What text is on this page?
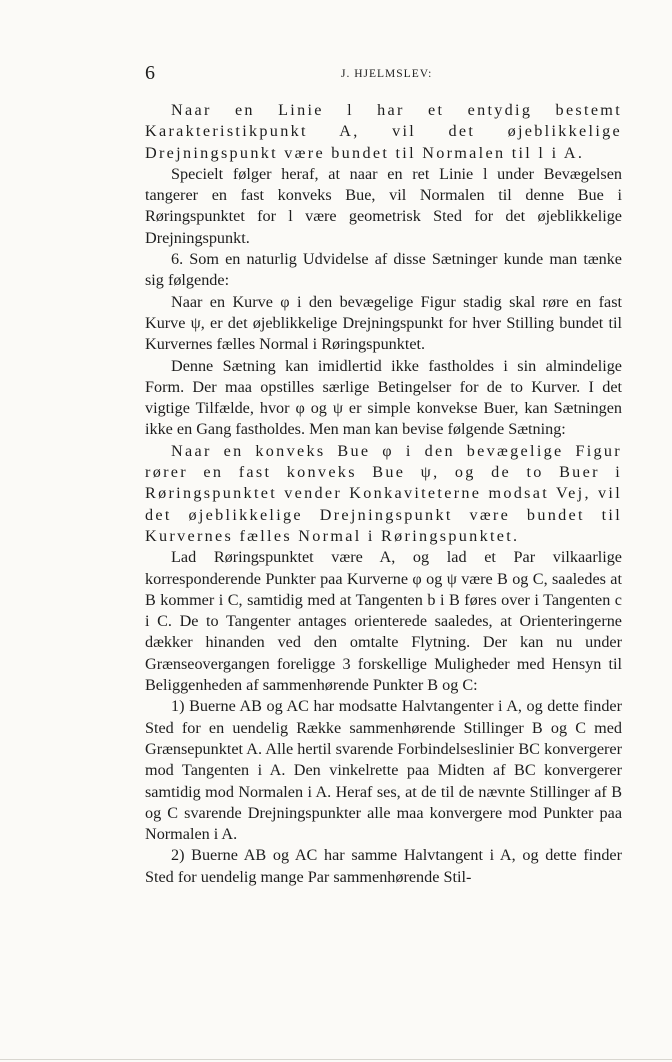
6	J. HJELMSLEV:

Naar en Linie l har et entydig bestemt Karakteristikpunkt A, vil det øjeblikkelige Drejningspunkt være bundet til Normalen til l i A.

Specielt følger heraf, at naar en ret Linie l under Bevægelsen tangerer en fast konveks Bue, vil Normalen til denne Bue i Røringspunktet for l være geometrisk Sted for det øjeblikkelige Drejningspunkt.

6. Som en naturlig Udvidelse af disse Sætninger kunde man tænke sig følgende:

Naar en Kurve φ i den bevægelige Figur stadig skal røre en fast Kurve ψ, er det øjeblikkelige Drejningspunkt for hver Stilling bundet til Kurvernes fælles Normal i Røringspunktet.

Denne Sætning kan imidlertid ikke fastholdes i sin almindelige Form. Der maa opstilles særlige Betingelser for de to Kurver. I det vigtige Tilfælde, hvor φ og ψ er simple konvekse Buer, kan Sætningen ikke en Gang fastholdes. Men man kan bevise følgende Sætning:

Naar en konveks Bue φ i den bevægelige Figur rører en fast konveks Bue ψ, og de to Buer i Røringspunktet vender Konkaviteterne modsat Vej, vil det øjeblikkelige Drejningspunkt være bundet til Kurvernes fælles Normal i Røringspunktet.

Lad Røringspunktet være A, og lad et Par vilkaarlige korresponderende Punkter paa Kurverne φ og ψ være B og C, saaledes at B kommer i C, samtidig med at Tangenten b i B føres over i Tangenten c i C. De to Tangenter antages orienterede saaledes, at Orienteringerne dækker hinanden ved den omtalte Flytning. Der kan nu under Grænseovergangen foreligge 3 forskellige Muligheder med Hensyn til Beliggenheden af sammenhørende Punkter B og C:

1) Buerne AB og AC har modsatte Halvtangenter i A, og dette finder Sted for en uendelig Række sammenhørende Stillinger B og C med Grænsepunktet A. Alle hertil svarende Forbindelseslinier BC konvergerer mod Tangenten i A. Den vinkelrette paa Midten af BC konvergerer samtidig mod Normalen i A. Heraf ses, at de til de nævnte Stillinger af B og C svarende Drejningspunkter alle maa konvergere mod Punkter paa Normalen i A.

2) Buerne AB og AC har samme Halvtangent i A, og dette finder Sted for uendelig mange Par sammenhørende Stil-
